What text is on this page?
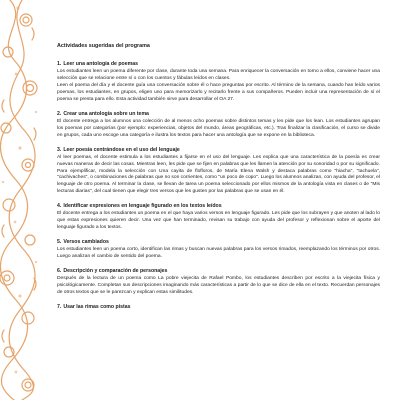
Actividades sugeridas del programa
1. Leer una antología de poemas

Los estudiantes leen un poema diferente por clase, durante toda una semana. Para enriquecer la conversación en torno a ellos, conviene hacer una selección que se relacione entre sí o con los cuentos y fábulas leídos en clases.

Leen el poema del día y el docente guía una conversación sobre él o hace preguntas por escrito. Al término de la semana, cuando han leído varios poemas, los estudiantes, en grupos, eligen uno para memorizarlo y recitarlo frente a sus compañeros. Pueden incluir una representación de sí el poema se presta para ello. Esta actividad también sirve para desarrollar el OA 27.

2. Crear una antología sobre un tema

El docente entrega a los alumnos una colección de al menos ocho poemas sobre distintos temas y les pide que los lean. Los estudiantes agrupan los poemas por categorías (por ejemplo: experiencias, objetos del mundo, áreas geográficas, etc.). Tras finalizar la clasificación, el curso se divide en grupos, cada uno escoge una categoría e ilustra los textos para hacer una antología que se expone en la biblioteca.

3. Leer poesía centrándose en el uso del lenguaje

Al leer poemas, el docente estimula a los estudiantes a fijarse en el uso del lenguaje. Les explica que una característica de la poesía es crear nuevas maneras de decir las cosas. Mientras leen, les pide que se fijen en palabras que les llamen la atención por su sonoridad o por su significado. Para ejemplificar, modela la selección con Una cayita de flofloros, de María Elena Walsh y destaca palabras como "hiacha", "tachuela", "cachivaches", o combinaciones de palabras que no son corrientes, como "un poco de copo". Luego los alumnos analizan, con ayuda del profesor, el lenguaje de otro poema. Al terminar la clase, se llevan de tarea un poema seleccionado por ellos mismos de la antología vista en clases o de "Mis lecturas diarias", del cual tienen que elegir tres versos que les gusten por las palabras que se usan en él.

4. Identificar expresiones en lenguaje figurado en los textos leídos

El docente entrega a los estudiantes un poema en el que haya varios versos en lenguaje figurado. Les pide que los subrayen y que anoten al lado lo que estas expresiones quieren decir. Una vez que han terminado, revisan su trabajo con ayuda del profesor y reflexionan sobre el aporte del lenguaje figurado a los textos.

5. Versos cambiados

Los estudiantes leen un poema corto, identifican las rimas y buscan nuevas palabras para los versos rimados, reemplazando los términos por otros. Luego analizan el cambio de sentido del poema.

6. Descripción y comparación de personajes

Después de la lectura de un poema como La pobre viejecita de Rafael Pombo, los estudiantes describen por escrito a la viejecita física y psicológicamente. Completan sus descripciones imaginando más características a partir de lo que se dice de ella en el texto. Recuerdan personajes de otros textos que se le parezcan y explican estas similitudes.

7. Usar las rimas como pistas
